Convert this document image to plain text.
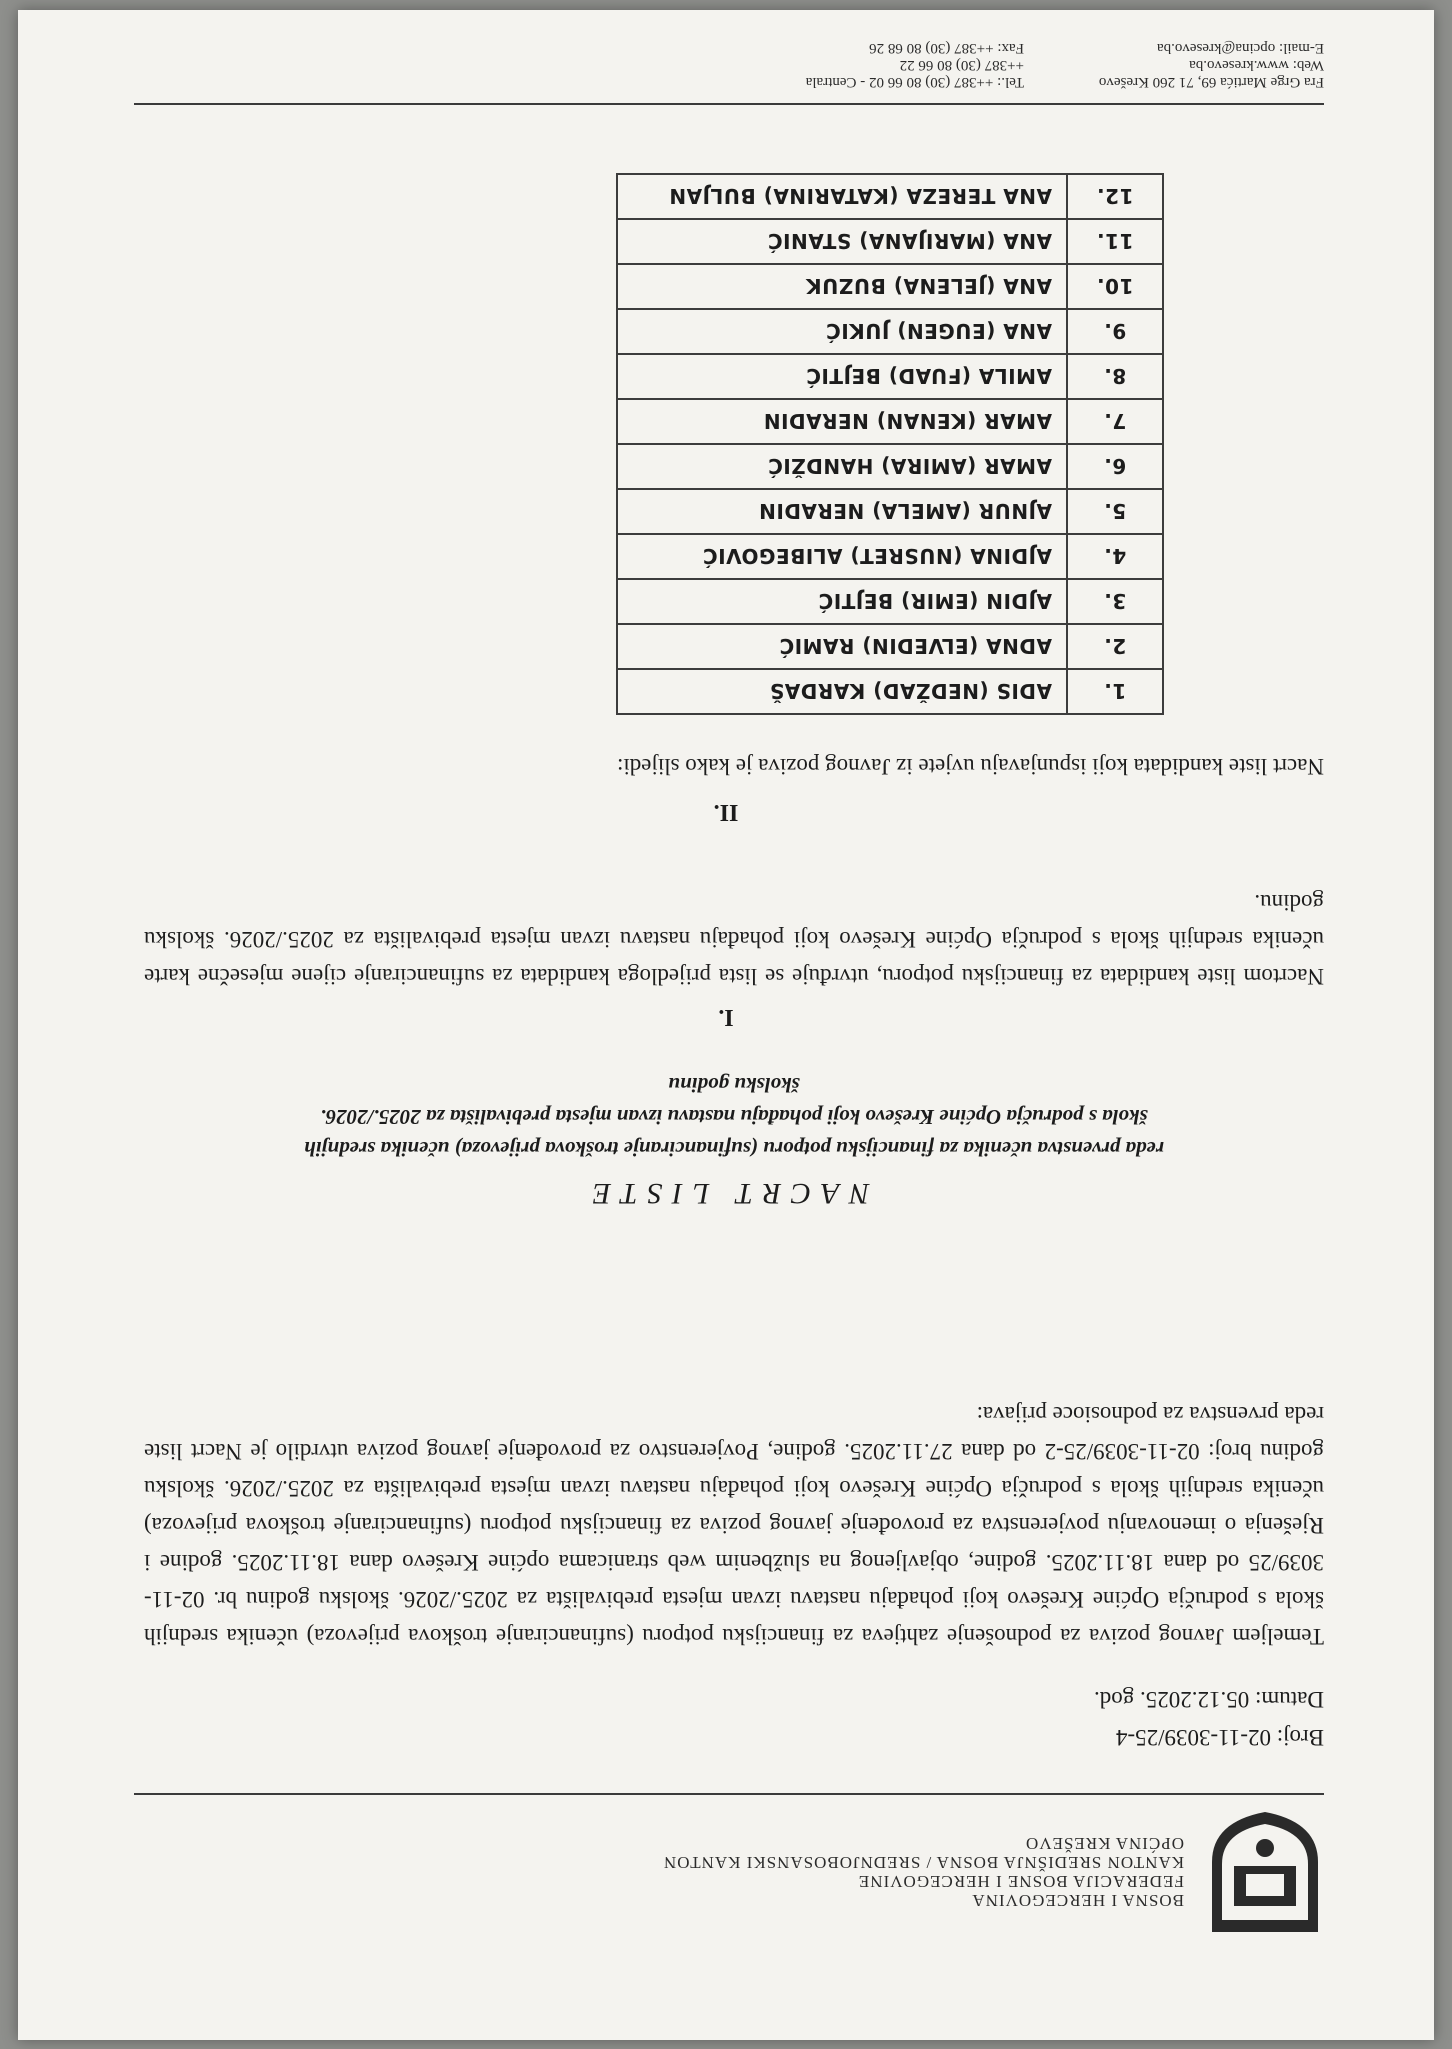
BOSNA I HERCEGOVINA
FEDERACIJA BOSNE I HERCEGOVINE
KANTON SREDIŠNJA BOSNA / SREDNJOBOSANSKI KANTON
OPĆINA KREŠEVO
Broj: 02-11-3039/25-4
Datum: 05.12.2025. god.
Temeljem Javnog poziva za podnošenje zahtjeva za financijsku potporu (sufinanciranje troškova prijevoza) učenika srednjih škola s područja Općine Kreševo koji pohađaju nastavu izvan mjesta prebivališta za 2025./2026. školsku godinu br. 02-11-3039/25 od dana 18.11.2025. godine, objavljenog na službenim web stranicama općine Kreševo dana 18.11.2025. godine i Rješenja o imenovanju povjerenstva za provođenje javnog poziva za financijsku potporu (sufinanciranje troškova prijevoza) učenika srednjih škola s područja Općine Kreševo koji pohađaju nastavu izvan mjesta prebivališta za 2025./2026. školsku godinu broj: 02-11-3039/25-2 od dana 27.11.2025. godine, Povjerenstvo za provođenje javnog poziva utvrdilo je Nacrt liste reda prvenstva za podnosioce prijava:
NACRT LISTE
reda prvenstva učenika za financijsku potporu (sufinanciranje troškova prijevoza) učenika srednjih škola s područja Općine Kreševo koji pohađaju nastavu izvan mjesta prebivališta za 2025./2026. školsku godinu
I.
Nacrtom liste kandidata za financijsku potporu, utvrđuje se lista prijedloga kandidata za sufinanciranje cijene mjesečne karte učenika srednjih škola s područja Općine Kreševo koji pohađaju nastavu izvan mjesta prebivališta za 2025./2026. školsku godinu.
II.
Nacrt liste kandidata koji ispunjavaju uvjete iz Javnog poziva je kako slijedi:
1.	ADIS (NEDŽAD) KARDAŠ
2.	ADNA (ELVEDIN) RAMIĆ
3.	AJDIN (EMIR) BEJTIĆ
4.	AJDINA (NUSRET) ALIBEGOVIĆ
5.	AJNUR (AMELA) NERADIN
6.	AMAR (AMIRA) HANDŽIĆ
7.	AMAR (KENAN) NERADIN
8.	AMILA (FUAD) BEJTIĆ
9.	ANA (EUGEN) JUKIĆ
10.	ANA (JELENA) BUZUK
11.	ANA (MARIJANA) STANIĆ
12.	ANA TEREZA (KATARINA) BULJAN
Fra Grge Martića 69, 71 260 Kreševo
Web: www.kresevo.ba
E-mail: opcina@kresevo.ba
Tel.: ++387 (30) 80 66 02 - Centrala
++387 (30) 80 66 22
Fax: ++387 (30) 80 68 26
